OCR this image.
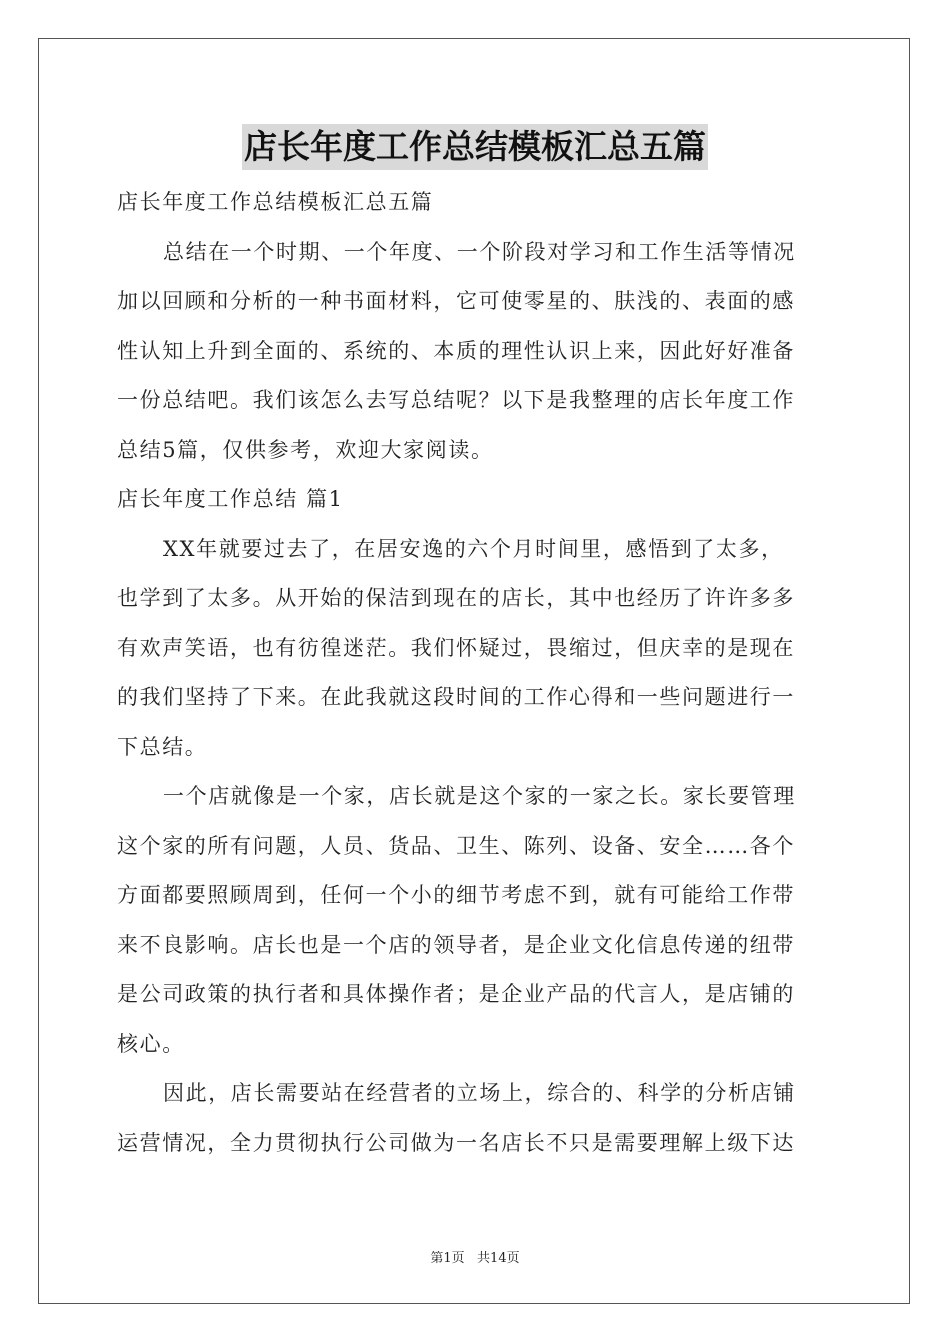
店长年度工作总结模板汇总五篇
店长年度工作总结模板汇总五篇
总结在一个时期、一个年度、一个阶段对学习和工作生活等情况
加以回顾和分析的一种书面材料，它可使零星的、肤浅的、表面的感
性认知上升到全面的、系统的、本质的理性认识上来，因此好好准备
一份总结吧。我们该怎么去写总结呢？以下是我整理的店长年度工作
总结5篇，仅供参考，欢迎大家阅读。
店长年度工作总结 篇1
XX年就要过去了，在居安逸的六个月时间里，感悟到了太多，
也学到了太多。从开始的保洁到现在的店长，其中也经历了许许多多
有欢声笑语，也有彷徨迷茫。我们怀疑过，畏缩过，但庆幸的是现在
的我们坚持了下来。在此我就这段时间的工作心得和一些问题进行一
下总结。
一个店就像是一个家，店长就是这个家的一家之长。家长要管理
这个家的所有问题，人员、货品、卫生、陈列、设备、安全……各个
方面都要照顾周到，任何一个小的细节考虑不到，就有可能给工作带
来不良影响。店长也是一个店的领导者，是企业文化信息传递的纽带
是公司政策的执行者和具体操作者；是企业产品的代言人，是店铺的
核心。
因此，店长需要站在经营者的立场上，综合的、科学的分析店铺
运营情况，全力贯彻执行公司做为一名店长不只是需要理解上级下达
第1页   共14页
